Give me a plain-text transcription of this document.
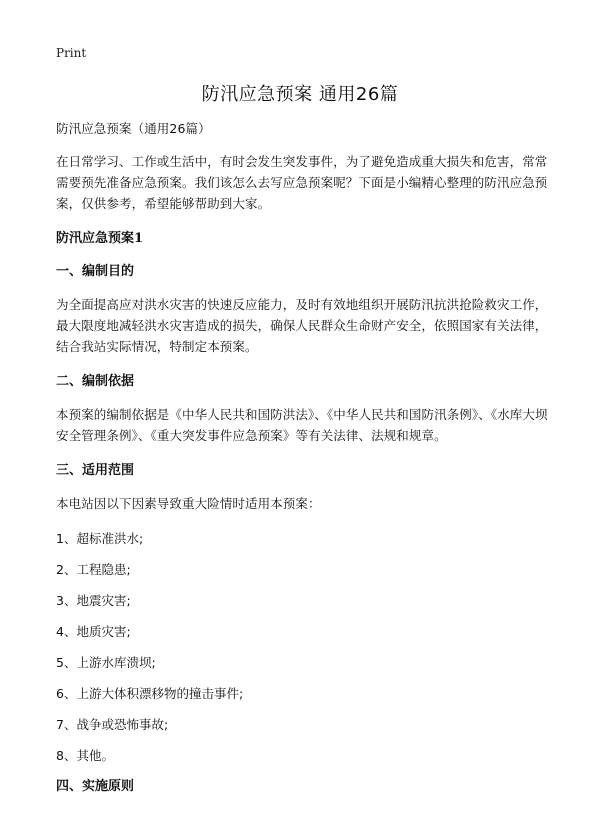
Print
防汛应急预案 通用26篇

防汛应急预案（通用26篇）

在日常学习、工作或生活中，有时会发生突发事件，为了避免造成重大损失和危害，常常需要预先准备应急预案。我们该怎么去写应急预案呢？下面是小编精心整理的防汛应急预案，仅供参考，希望能够帮助到大家。

防汛应急预案1
一、编制目的

为全面提高应对洪水灾害的快速反应能力，及时有效地组织开展防汛抗洪抢险救灾工作，最大限度地减轻洪水灾害造成的损失，确保人民群众生命财产安全，依照国家有关法律，结合我站实际情况，特制定本预案。

二、编制依据

本预案的编制依据是《中华人民共和国防洪法》、《中华人民共和国防汛条例》、《水库大坝安全管理条例》、《重大突发事件应急预案》等有关法律、法规和规章。

三、适用范围

本电站因以下因素导致重大险情时适用本预案：

1、超标准洪水;

2、工程隐患;

3、地震灾害;

4、地质灾害;

5、上游水库溃坝;

6、上游大体积漂移物的撞击事件;

7、战争或恐怖事故;

8、其他。

四、实施原则
